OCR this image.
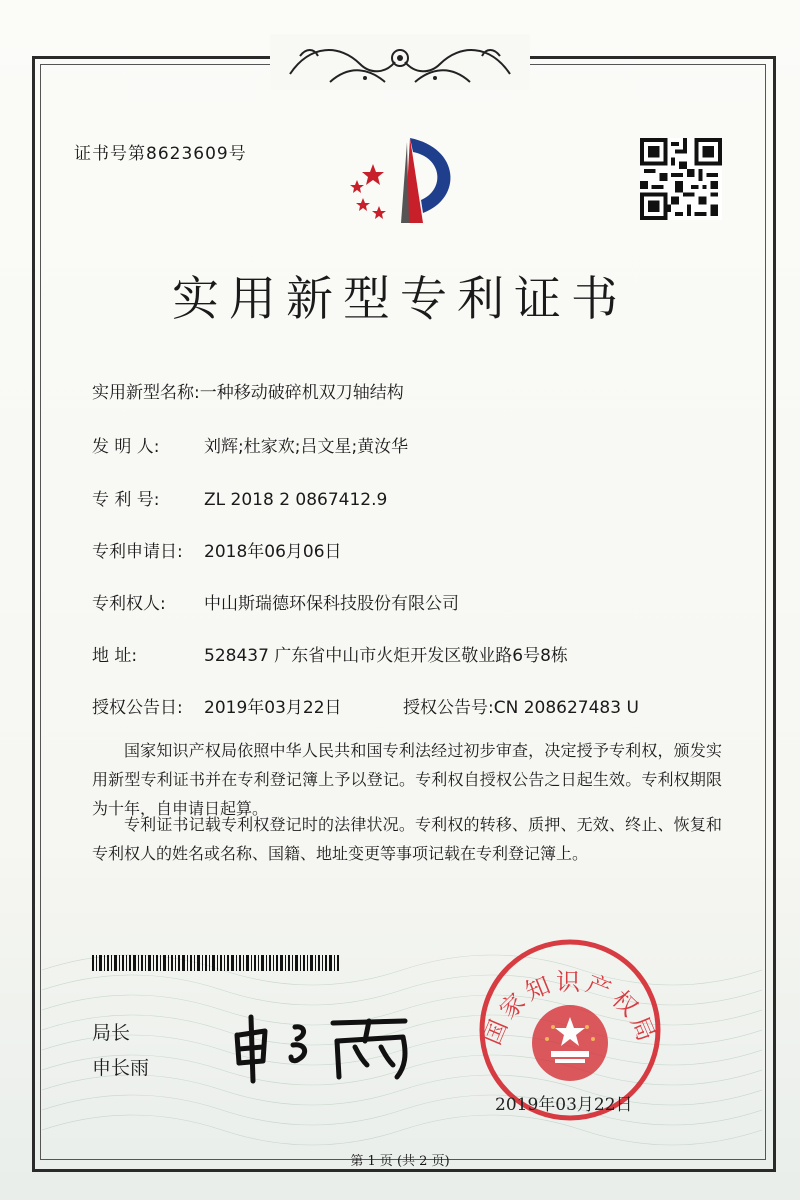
证书号第8623609号
实用新型专利证书
实用新型名称:一种移动破碎机双刀轴结构
发 明 人:	刘辉;杜家欢;吕文星;黄汝华
专 利 号:	ZL 2018 2 0867412.9
专利申请日: 2018年06月06日
专利权人: 中山斯瑞德环保科技股份有限公司
地 址:	528437 广东省中山市火炬开发区敬业路6号8栋
授权公告日: 2019年03月22日	授权公告号:CN 208627483 U
国家知识产权局依照中华人民共和国专利法经过初步审查，决定授予专利权，颁发实用新型专利证书并在专利登记簿上予以登记。专利权自授权公告之日起生效。专利权期限为十年，自申请日起算。
专利证书记载专利权登记时的法律状况。专利权的转移、质押、无效、终止、恢复和专利权人的姓名或名称、国籍、地址变更等事项记载在专利登记簿上。
局长
申长雨
国家知识产权局
2019年03月22日
第 1 页 (共 2 页)
